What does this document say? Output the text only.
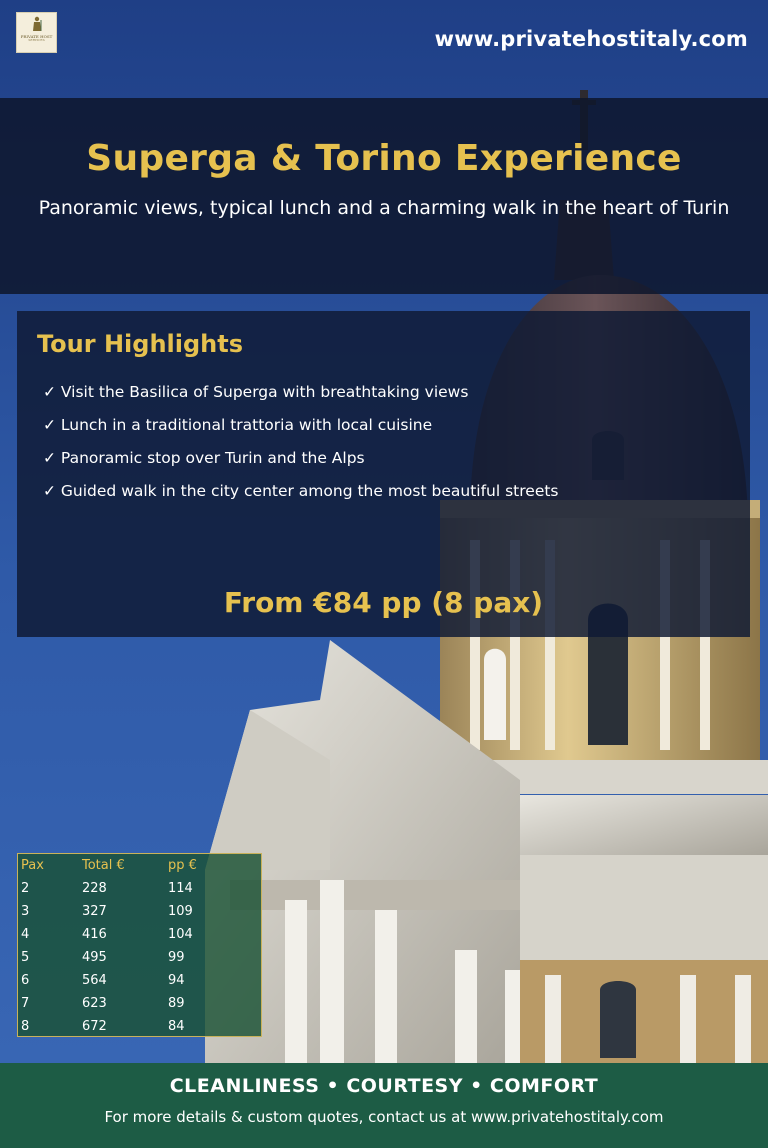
PRIVATE HOST
SERVICES	www.privatehostitaly.com
Superga & Torino Experience
Panoramic views, typical lunch and a charming walk in the heart of Turin
Tour Highlights
✓ Visit the Basilica of Superga with breathtaking views
✓ Lunch in a traditional trattoria with local cuisine
✓ Panoramic stop over Turin and the Alps
✓ Guided walk in the city center among the most beautiful streets
From €84 pp (8 pax)
Pax	Total €	pp €
2	228	114
3	327	109
4	416	104
5	495	99
6	564	94
7	623	89
8	672	84
CLEANLINESS • COURTESY • COMFORT
For more details & custom quotes, contact us at www.privatehostitaly.com
